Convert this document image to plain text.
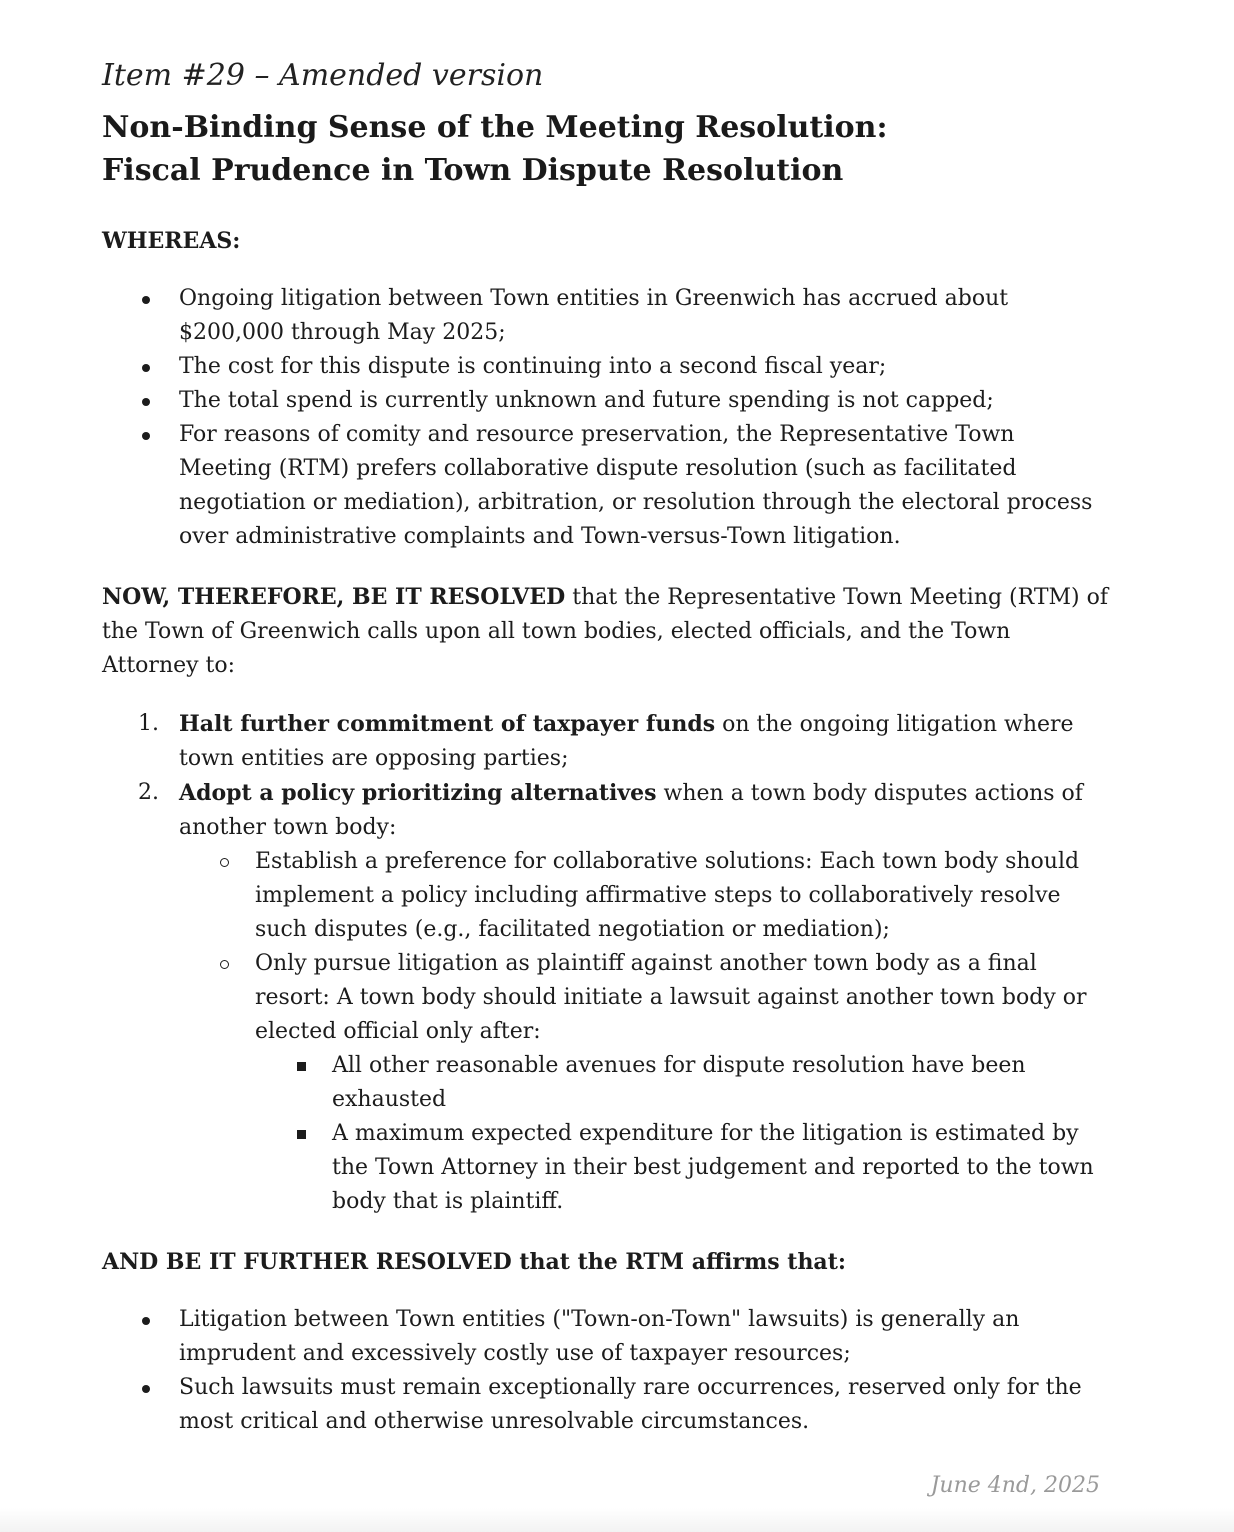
Item #29 – Amended version
Non-Binding Sense of the Meeting Resolution:
Fiscal Prudence in Town Dispute Resolution
WHEREAS:
Ongoing litigation between Town entities in Greenwich has accrued about $200,000 through May 2025;
The cost for this dispute is continuing into a second fiscal year;
The total spend is currently unknown and future spending is not capped;
For reasons of comity and resource preservation, the Representative Town Meeting (RTM) prefers collaborative dispute resolution (such as facilitated negotiation or mediation), arbitration, or resolution through the electoral process over administrative complaints and Town-versus-Town litigation.
NOW, THEREFORE, BE IT RESOLVED that the Representative Town Meeting (RTM) of the Town of Greenwich calls upon all town bodies, elected officials, and the Town Attorney to:
1. Halt further commitment of taxpayer funds on the ongoing litigation where town entities are opposing parties;
2. Adopt a policy prioritizing alternatives when a town body disputes actions of another town body:
Establish a preference for collaborative solutions: Each town body should implement a policy including affirmative steps to collaboratively resolve such disputes (e.g., facilitated negotiation or mediation);
Only pursue litigation as plaintiff against another town body as a final resort: A town body should initiate a lawsuit against another town body or elected official only after:
All other reasonable avenues for dispute resolution have been exhausted
A maximum expected expenditure for the litigation is estimated by the Town Attorney in their best judgement and reported to the town body that is plaintiff.
AND BE IT FURTHER RESOLVED that the RTM affirms that:
Litigation between Town entities ("Town-on-Town" lawsuits) is generally an imprudent and excessively costly use of taxpayer resources;
Such lawsuits must remain exceptionally rare occurrences, reserved only for the most critical and otherwise unresolvable circumstances.
June 4nd, 2025
